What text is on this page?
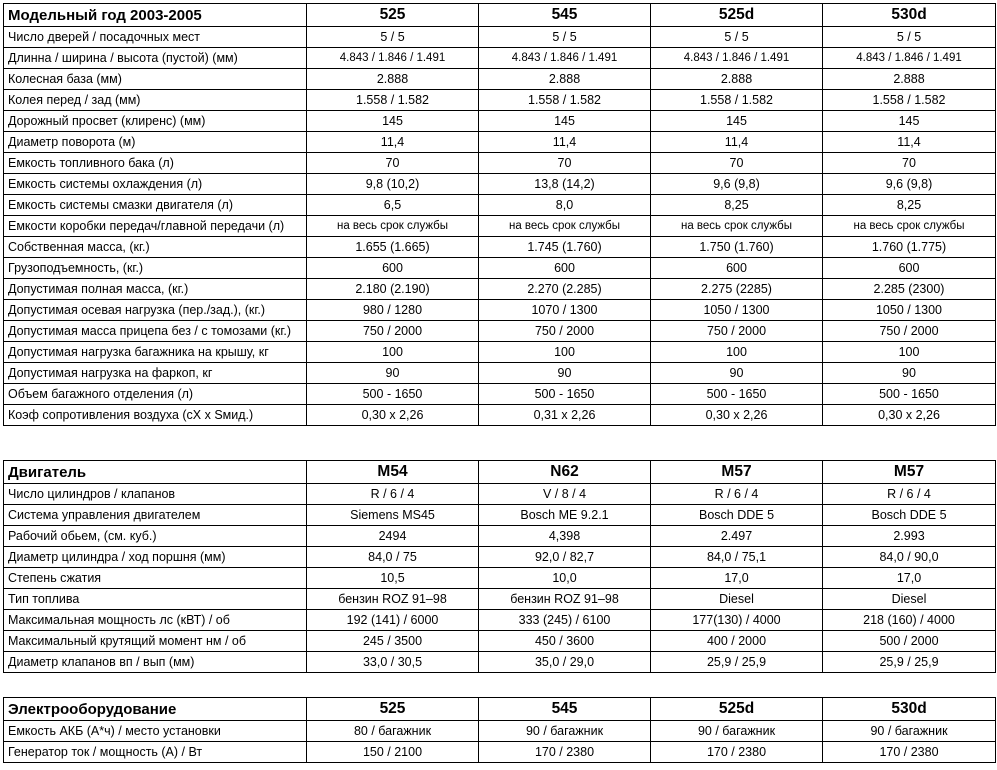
Модельный год 2003-2005	525	545	525d	530d
Число дверей / посадочных мест	5 / 5	5 / 5	5 / 5	5 / 5
Длинна / ширина / высота (пустой) (мм)	4.843 / 1.846 / 1.491	4.843 / 1.846 / 1.491	4.843 / 1.846 / 1.491	4.843 / 1.846 / 1.491
Колесная база (мм)	2.888	2.888	2.888	2.888
Колея перед / зад (мм)	1.558 / 1.582	1.558 / 1.582	1.558 / 1.582	1.558 / 1.582
Дорожный просвет (клиренс) (мм)	145	145	145	145
Диаметр поворота (м)	11,4	11,4	11,4	11,4
Емкость топливного бака (л)	70	70	70	70
Емкость системы охлаждения (л)	9,8 (10,2)	13,8 (14,2)	9,6 (9,8)	9,6 (9,8)
Емкость системы смазки двигателя (л)	6,5	8,0	8,25	8,25
Емкости коробки передач/главной передачи (л)	на весь срок службы	на весь срок службы	на весь срок службы	на весь срок службы
Собственная масса, (кг.)	1.655 (1.665)	1.745 (1.760)	1.750 (1.760)	1.760 (1.775)
Грузоподъемность, (кг.)	600	600	600	600
Допустимая полная масса, (кг.)	2.180 (2.190)	2.270 (2.285)	2.275 (2285)	2.285 (2300)
Допустимая осевая нагрузка (пер./зад.), (кг.)	980 / 1280	1070 / 1300	1050 / 1300	1050 / 1300
Допустимая масса прицепа без / с томозами (кг.)	750 / 2000	750 / 2000	750 / 2000	750 / 2000
Допустимая нагрузка багажника на крышу, кг	100	100	100	100
Допустимая нагрузка на фаркоп, кг	90	90	90	90
Объем багажного отделения (л)	500 - 1650	500 - 1650	500 - 1650	500 - 1650
Коэф сопротивления воздуха (cX x Sмид.)	0,30 x 2,26	0,31 x 2,26	0,30 x 2,26	0,30 x 2,26
Двигатель	M54	N62	M57	M57
Число цилиндров / клапанов	R / 6 / 4	V / 8 / 4	R / 6 / 4	R / 6 / 4
Система управления двигателем	Siemens MS45	Bosch ME 9.2.1	Bosch DDE 5	Bosch DDE 5
Рабочий обьем, (см. куб.)	2494	4,398	2.497	2.993
Диаметр цилиндра / ход поршня (мм)	84,0 / 75	92,0 / 82,7	84,0 / 75,1	84,0 / 90,0
Степень сжатия	10,5	10,0	17,0	17,0
Тип топлива	бензин ROZ 91–98	бензин ROZ 91–98	Diesel	Diesel
Максимальная мощность лс (кВТ) / об	192 (141) / 6000	333 (245) / 6100	177(130) / 4000	218 (160) / 4000
Максимальный крутящий момент нм / об	245 / 3500	450 / 3600	400 / 2000	500 / 2000
Диаметр клапанов вп / вып (мм)	33,0 / 30,5	35,0 / 29,0	25,9 / 25,9	25,9 / 25,9
Электрооборудование	525	545	525d	530d
Емкость АКБ (А*ч) / место установки	80 / багажник	90 / багажник	90 / багажник	90 / багажник
Генератор ток / мощность (А) / Вт	150 / 2100	170 / 2380	170 / 2380	170 / 2380
